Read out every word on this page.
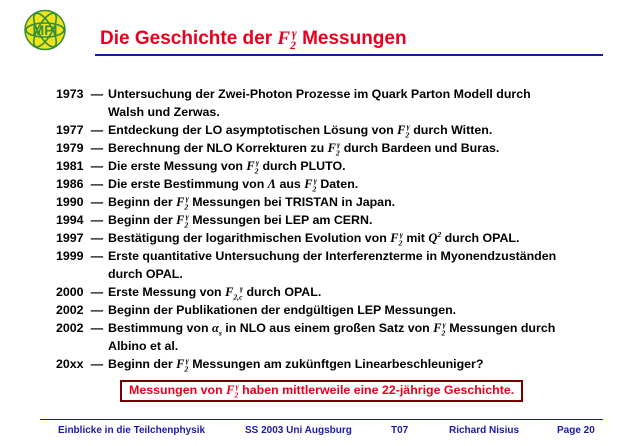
MPI Die Geschichte der $F_2^\gamma$ Messungen
1973 — Untersuchung der Zwei-Photon Prozesse im Quark Parton Modell durch
Walsh und Zerwas.
1977 — Entdeckung der LO asymptotischen Lösung von $F_2^\gamma$ durch Witten.
1979 — Berechnung der NLO Korrekturen zu $F_2^\gamma$ durch Bardeen und Buras.
1981 — Die erste Messung von $F_2^\gamma$ durch PLUTO.
1986 — Die erste Bestimmung von Λ aus $F_2^\gamma$ Daten.
1990 — Beginn der $F_2^\gamma$ Messungen bei TRISTAN in Japan.
1994 — Beginn der $F_2^\gamma$ Messungen bei LEP am CERN.
1997 — Bestätigung der logarithmischen Evolution von $F_2^\gamma$ mit $Q^2$ durch OPAL.
1999 — Erste quantitative Untersuchung der Interferenzterme in Myonendzuständen
durch OPAL.
2000 — Erste Messung von $F_{2,c}^\gamma$ durch OPAL.
2002 — Beginn der Publikationen der endgültigen LEP Messungen.
2002 — Bestimmung von $\alpha_s$ in NLO aus einem großen Satz von $F_2^\gamma$ Messungen durch
Albino et al.
20xx — Beginn der $F_2^\gamma$ Messungen am zukünftgen Linearbeschleuniger?
Messungen von $F_2^\gamma$ haben mittlerweile eine 22-jährige Geschichte.
Einblicke in die Teilchenphysik	SS 2003 Uni Augsburg	T07	Richard Nisius	Page 20
